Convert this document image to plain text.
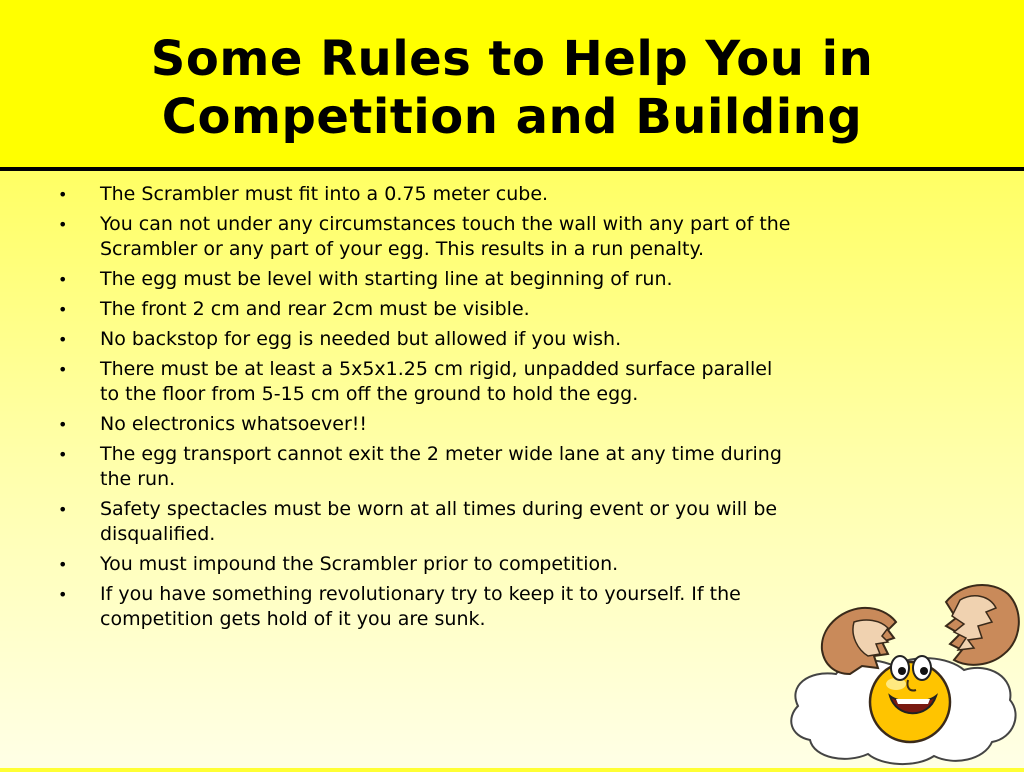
Some Rules to Help You in
Competition and Building
• The Scrambler must fit into a 0.75 meter cube.
• You can not under any circumstances touch the wall with any part of the Scrambler or any part of your egg. This results in a run penalty.
• The egg must be level with starting line at beginning of run.
• The front 2 cm and rear 2cm must be visible.
• No backstop for egg is needed but allowed if you wish.
• There must be at least a 5x5x1.25 cm rigid, unpadded surface parallel to the floor from 5-15 cm off the ground to hold the egg.
• No electronics whatsoever!!
• The egg transport cannot exit the 2 meter wide lane at any time during the run.
• Safety spectacles must be worn at all times during event or you will be disqualified.
• You must impound the Scrambler prior to competition.
• If you have something revolutionary try to keep it to yourself. If the competition gets hold of it you are sunk.
